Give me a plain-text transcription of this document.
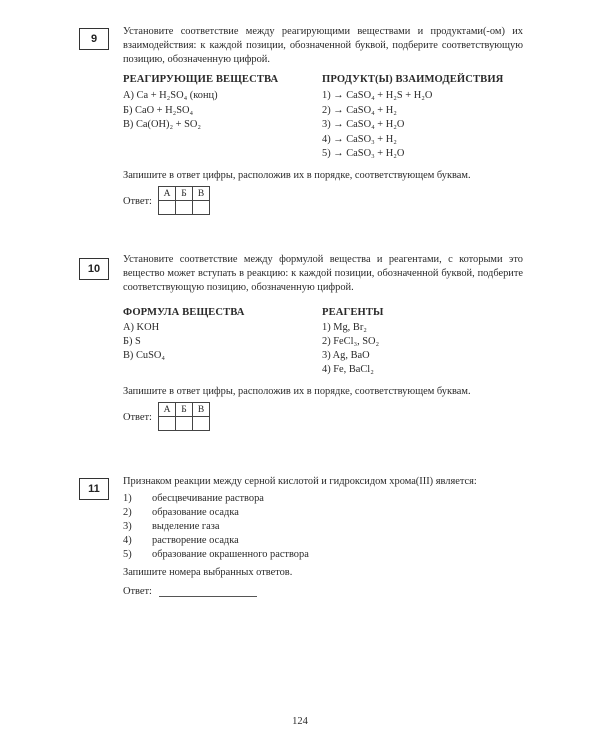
9
Установите соответствие между реагирующими веществами и продуктами(-ом) их взаимодействия: к каждой позиции, обозначенной буквой, подберите соответствующую позицию, обозначенную цифрой.
РЕАГИРУЮЩИЕ ВЕЩЕСТВА	ПРОДУКТ(Ы) ВЗАИМОДЕЙСТВИЯ
А) Ca + H₂SO₄ (конц)
Б) CaO + H₂SO₄
В) Ca(OH)₂ + SO₂
1) → CaSO₄ + H₂S + H₂O
2) → CaSO₄ + H₂
3) → CaSO₄ + H₂O
4) → CaSO₃ + H₂
5) → CaSO₃ + H₂O
Запишите в ответ цифры, расположив их в порядке, соответствующем буквам.
Ответ:
А	Б	В

10
Установите соответствие между формулой вещества и реагентами, с которыми это вещество может вступать в реакцию: к каждой позиции, обозначенной буквой, подберите соответствующую позицию, обозначенную цифрой.
ФОРМУЛА ВЕЩЕСТВА	РЕАГЕНТЫ
А) KOH
Б) S
В) CuSO₄
1) Mg, Br₂
2) FeCl₃, SO₂
3) Ag, BaO
4) Fe, BaCl₂
Запишите в ответ цифры, расположив их в порядке, соответствующем буквам.
Ответ:
А	Б	В

11
Признаком реакции между серной кислотой и гидроксидом хрома(III) является:
1) обесцвечивание раствора
2) образование осадка
3) выделение газа
4) растворение осадка
5) образование окрашенного раствора
Запишите номера выбранных ответов.
Ответ:
124
